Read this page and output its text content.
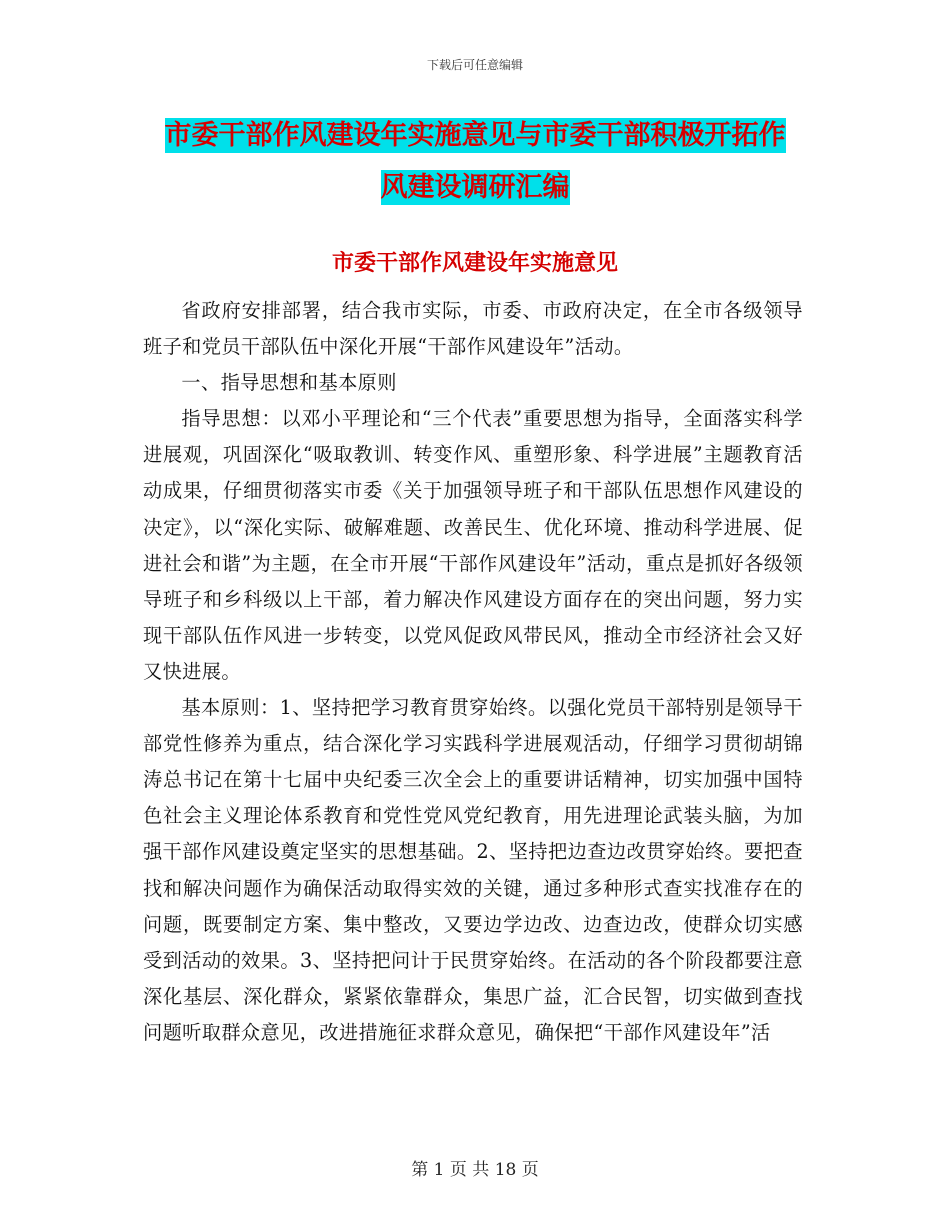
下载后可任意编辑
市委干部作风建设年实施意见与市委干部积极开拓作
风建设调研汇编
市委干部作风建设年实施意见

省政府安排部署，结合我市实际，市委、市政府决定，在全市各级领导班子和党员干部队伍中深化开展“干部作风建设年”活动。

一、指导思想和基本原则

指导思想：以邓小平理论和“三个代表”重要思想为指导，全面落实科学进展观，巩固深化“吸取教训、转变作风、重塑形象、科学进展”主题教育活动成果，仔细贯彻落实市委《关于加强领导班子和干部队伍思想作风建设的决定》，以“深化实际、破解难题、改善民生、优化环境、推动科学进展、促进社会和谐”为主题，在全市开展“干部作风建设年”活动，重点是抓好各级领导班子和乡科级以上干部，着力解决作风建设方面存在的突出问题，努力实现干部队伍作风进一步转变，以党风促政风带民风，推动全市经济社会又好又快进展。

基本原则：1、坚持把学习教育贯穿始终。以强化党员干部特别是领导干部党性修养为重点，结合深化学习实践科学进展观活动，仔细学习贯彻胡锦涛总书记在第十七届中央纪委三次全会上的重要讲话精神，切实加强中国特色社会主义理论体系教育和党性党风党纪教育，用先进理论武装头脑，为加强干部作风建设奠定坚实的思想基础。2、坚持把边查边改贯穿始终。要把查找和解决问题作为确保活动取得实效的关键，通过多种形式查实找准存在的问题，既要制定方案、集中整改，又要边学边改、边查边改，使群众切实感受到活动的效果。3、坚持把问计于民贯穿始终。在活动的各个阶段都要注意深化基层、深化群众，紧紧依靠群众，集思广益，汇合民智，切实做到查找问题听取群众意见，改进措施征求群众意见，确保把“干部作风建设年”活

第 1 页 共 18 页
